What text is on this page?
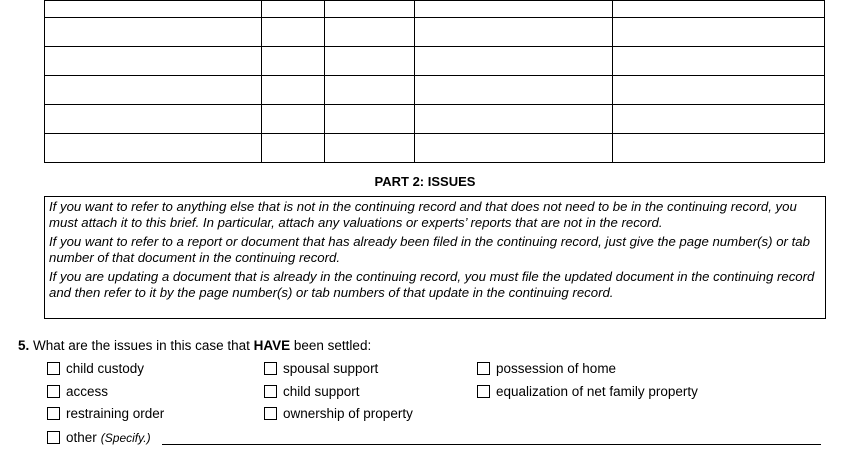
PART 2: ISSUES

If you want to refer to anything else that is not in the continuing record and that does not need to be in the continuing record, you must attach it to this brief. In particular, attach any valuations or experts’ reports that are not in the record.

If you want to refer to a report or document that has already been filed in the continuing record, just give the page number(s) or tab number of that document in the continuing record.

If you are updating a document that is already in the continuing record, you must file the updated document in the continuing record and then refer to it by the page number(s) or tab numbers of that update in the continuing record.

5. What are the issues in this case that HAVE been settled:
child custody
access
restraining order
other (Specify.)
spousal support
child support
ownership of property
possession of home
equalization of net family property
